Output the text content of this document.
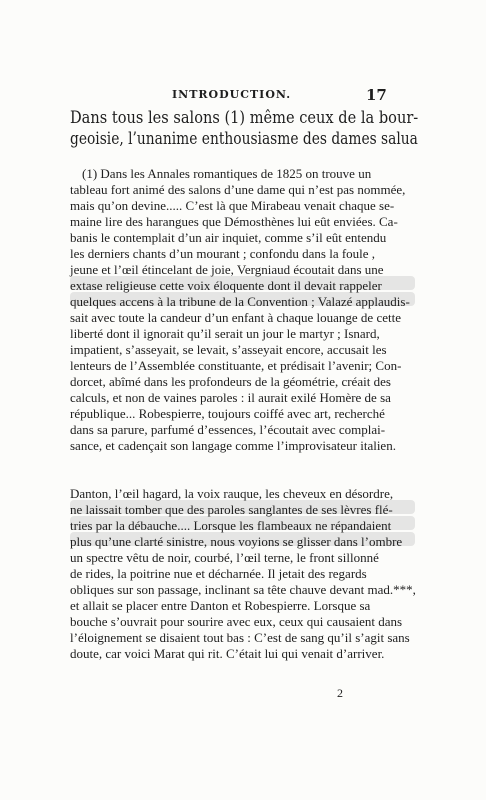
INTRODUCTION.	17
Dans tous les salons (1) même ceux de la bour-
geoisie, l’unanime enthousiasme des dames salua
(1) Dans les Annales romantiques de 1825 on trouve un
tableau fort animé des salons d’une dame qui n’est pas nommée,
mais qu’on devine..... C’est là que Mirabeau venait chaque se-
maine lire des harangues que Démosthènes lui eût enviées. Ca-
banis le contemplait d’un air inquiet, comme s’il eût entendu
les derniers chants d’un mourant ; confondu dans la foule ,
jeune et l’œil étincelant de joie, Vergniaud écoutait dans une
extase religieuse cette voix éloquente dont il devait rappeler
quelques accens à la tribune de la Convention ; Valazé applaudis-
sait avec toute la candeur d’un enfant à chaque louange de cette
liberté dont il ignorait qu’il serait un jour le martyr ; Isnard,
impatient, s’asseyait, se levait, s’asseyait encore, accusait les
lenteurs de l’Assemblée constituante, et prédisait l’avenir; Con-
dorcet, abîmé dans les profondeurs de la géométrie, créait des
calculs, et non de vaines paroles : il aurait exilé Homère de sa
république... Robespierre, toujours coiffé avec art, recherché
dans sa parure, parfumé d’essences, l’écoutait avec complai-
sance, et cadençait son langage comme l’improvisateur italien.
Danton, l’œil hagard, la voix rauque, les cheveux en désordre,
ne laissait tomber que des paroles sanglantes de ses lèvres flé-
tries par la débauche.... Lorsque les flambeaux ne répandaient
plus qu’une clarté sinistre, nous voyions se glisser dans l’ombre
un spectre vêtu de noir, courbé, l’œil terne, le front sillonné
de rides, la poitrine nue et décharnée. Il jetait des regards
obliques sur son passage, inclinant sa tête chauve devant mad.***,
et allait se placer entre Danton et Robespierre. Lorsque sa
bouche s’ouvrait pour sourire avec eux, ceux qui causaient dans
l’éloignement se disaient tout bas : C’est de sang qu’il s’agit sans
doute, car voici Marat qui rit. C’était lui qui venait d’arriver.
2
